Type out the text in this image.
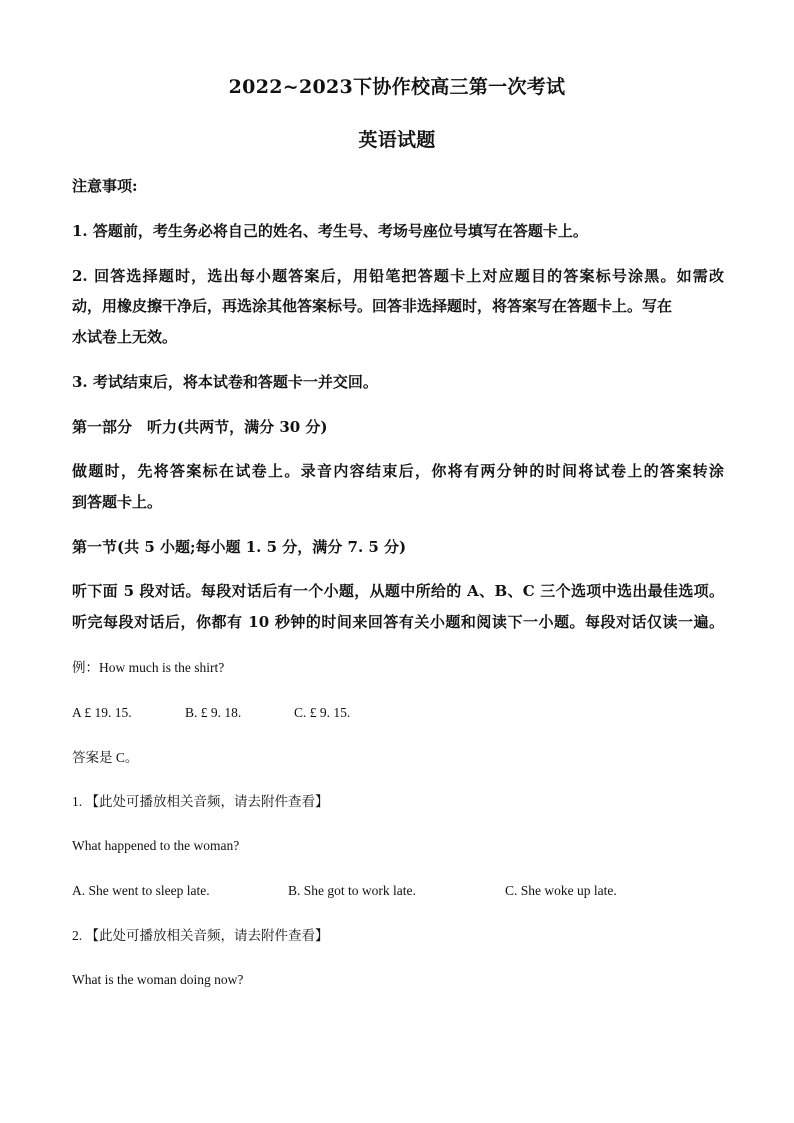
2022~2023下协作校高三第一次考试
英语试题
注意事项:
1. 答题前，考生务必将自己的姓名、考生号、考场号座位号填写在答题卡上。
2. 回答选择题时，选出每小题答案后，用铅笔把答题卡上对应题目的答案标号涂黑。如需改
动，用橡皮擦干净后，再选涂其他答案标号。回答非选择题时，将答案写在答题卡上。写在
水试卷上无效。
3. 考试结束后，将本试卷和答题卡一并交回。
第一部分　听力(共两节，满分 30 分)
做题时，先将答案标在试卷上。录音内容结束后，你将有两分钟的时间将试卷上的答案转涂
到答题卡上。
第一节(共 5 小题;每小题 1. 5 分，满分 7. 5 分)
听下面 5 段对话。每段对话后有一个小题，从题中所给的 A、B、C 三个选项中选出最佳选项。
听完每段对话后，你都有 10 秒钟的时间来回答有关小题和阅读下一小题。每段对话仅读一遍。
例：How much is the shirt?
A £ 19. 15.	B. £ 9. 18.	C. £ 9. 15.
答案是 C。
1. 【此处可播放相关音频，请去附件查看】
What happened to the woman?
A. She went to sleep late.	B. She got to work late.	C. She woke up late.
2. 【此处可播放相关音频，请去附件查看】
What is the woman doing now?
